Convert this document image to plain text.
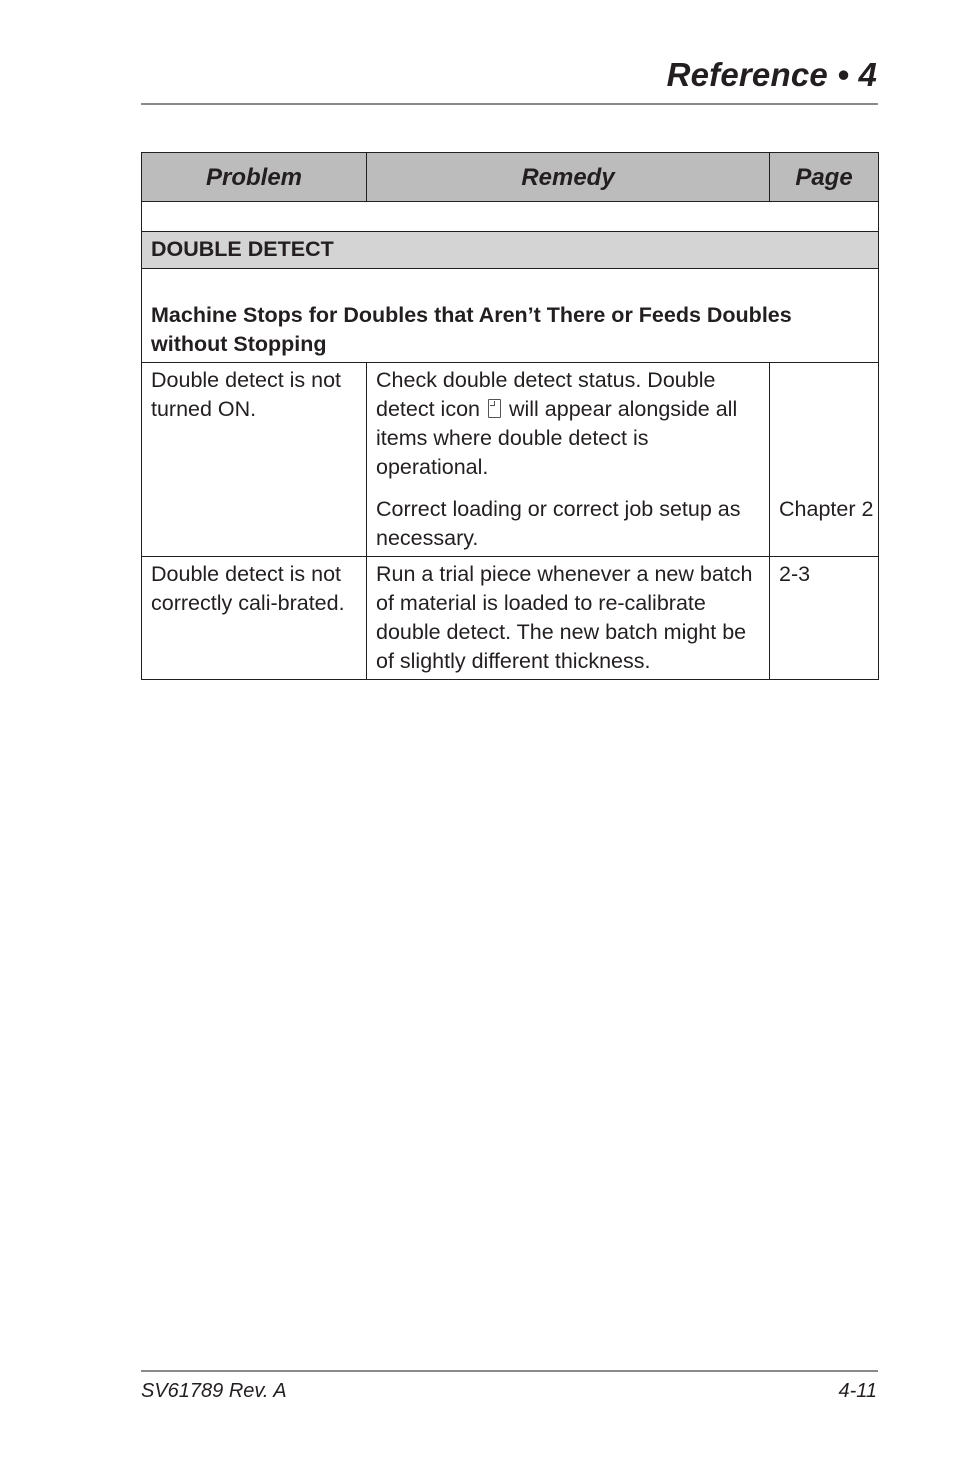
Reference • 4
Problem	Remedy	Page

DOUBLE DETECT		
Machine Stops for Doubles that Aren’t There or Feeds Doubles without Stopping		
Double detect is not turned ON.	Check double detect status. Double detect icon will appear alongside all items where double detect is operational.	
	Correct loading or correct job setup as necessary.	Chapter 2
Double detect is not correctly cali-brated.	Run a trial piece whenever a new batch of material is loaded to re-calibrate double detect. The new batch might be of slightly different thickness.	2-3
SV61789 Rev. A	4-11
